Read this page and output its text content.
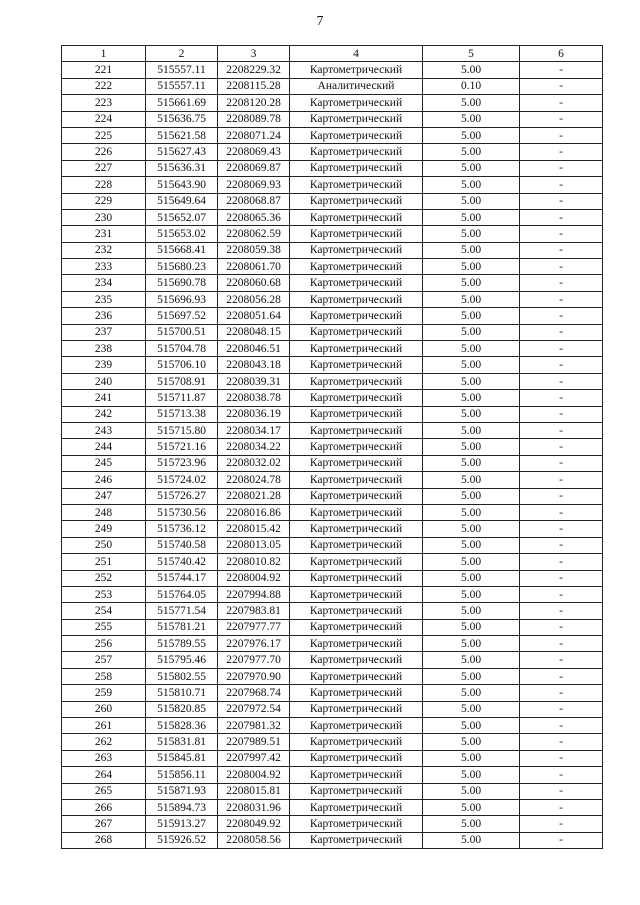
7
1	2	3	4	5	6
221	515557.11	2208229.32	Картометрический	5.00	-
222	515557.11	2208115.28	Аналитический	0.10	-
223	515661.69	2208120.28	Картометрический	5.00	-
224	515636.75	2208089.78	Картометрический	5.00	-
225	515621.58	2208071.24	Картометрический	5.00	-
226	515627.43	2208069.43	Картометрический	5.00	-
227	515636.31	2208069.87	Картометрический	5.00	-
228	515643.90	2208069.93	Картометрический	5.00	-
229	515649.64	2208068.87	Картометрический	5.00	-
230	515652.07	2208065.36	Картометрический	5.00	-
231	515653.02	2208062.59	Картометрический	5.00	-
232	515668.41	2208059.38	Картометрический	5.00	-
233	515680.23	2208061.70	Картометрический	5.00	-
234	515690.78	2208060.68	Картометрический	5.00	-
235	515696.93	2208056.28	Картометрический	5.00	-
236	515697.52	2208051.64	Картометрический	5.00	-
237	515700.51	2208048.15	Картометрический	5.00	-
238	515704.78	2208046.51	Картометрический	5.00	-
239	515706.10	2208043.18	Картометрический	5.00	-
240	515708.91	2208039.31	Картометрический	5.00	-
241	515711.87	2208038.78	Картометрический	5.00	-
242	515713.38	2208036.19	Картометрический	5.00	-
243	515715.80	2208034.17	Картометрический	5.00	-
244	515721.16	2208034.22	Картометрический	5.00	-
245	515723.96	2208032.02	Картометрический	5.00	-
246	515724.02	2208024.78	Картометрический	5.00	-
247	515726.27	2208021.28	Картометрический	5.00	-
248	515730.56	2208016.86	Картометрический	5.00	-
249	515736.12	2208015.42	Картометрический	5.00	-
250	515740.58	2208013.05	Картометрический	5.00	-
251	515740.42	2208010.82	Картометрический	5.00	-
252	515744.17	2208004.92	Картометрический	5.00	-
253	515764.05	2207994.88	Картометрический	5.00	-
254	515771.54	2207983.81	Картометрический	5.00	-
255	515781.21	2207977.77	Картометрический	5.00	-
256	515789.55	2207976.17	Картометрический	5.00	-
257	515795.46	2207977.70	Картометрический	5.00	-
258	515802.55	2207970.90	Картометрический	5.00	-
259	515810.71	2207968.74	Картометрический	5.00	-
260	515820.85	2207972.54	Картометрический	5.00	-
261	515828.36	2207981.32	Картометрический	5.00	-
262	515831.81	2207989.51	Картометрический	5.00	-
263	515845.81	2207997.42	Картометрический	5.00	-
264	515856.11	2208004.92	Картометрический	5.00	-
265	515871.93	2208015.81	Картометрический	5.00	-
266	515894.73	2208031.96	Картометрический	5.00	-
267	515913.27	2208049.92	Картометрический	5.00	-
268	515926.52	2208058.56	Картометрический	5.00	-
